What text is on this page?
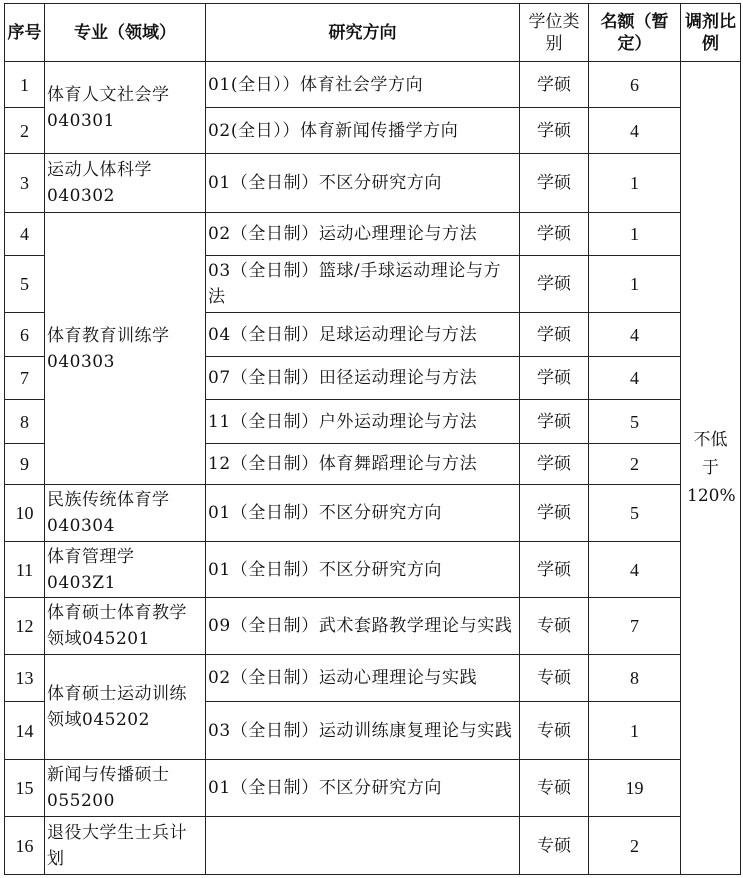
序号	专业（领域）	研究方向	学位类别	名额（暂定）	调剂比例
1	体育人文社会学040301	01(全日））体育社会学方向	学硕	6	不低于120%
2		02(全日））体育新闻传播学方向	学硕	4	
3	运动人体科学040302	01（全日制）不区分研究方向	学硕	1	
4	体育教育训练学040303	02（全日制）运动心理理论与方法	学硕	1	
5		03（全日制）篮球/手球运动理论与方法	学硕	1	
6		04（全日制）足球运动理论与方法	学硕	4	
7		07（全日制）田径运动理论与方法	学硕	4	
8		11（全日制）户外运动理论与方法	学硕	5	
9		12（全日制）体育舞蹈理论与方法	学硕	2	
10	民族传统体育学040304	01（全日制）不区分研究方向	学硕	5	
11	体育管理学0403Z1	01（全日制）不区分研究方向	学硕	4	
12	体育硕士体育教学领域045201	09（全日制）武术套路教学理论与实践	专硕	7	
13	体育硕士运动训练领域045202	02（全日制）运动心理理论与实践	专硕	8	
14		03（全日制）运动训练康复理论与实践	专硕	1	
15	新闻与传播硕士055200	01（全日制）不区分研究方向	专硕	19	
16	退役大学生士兵计划		专硕	2	
